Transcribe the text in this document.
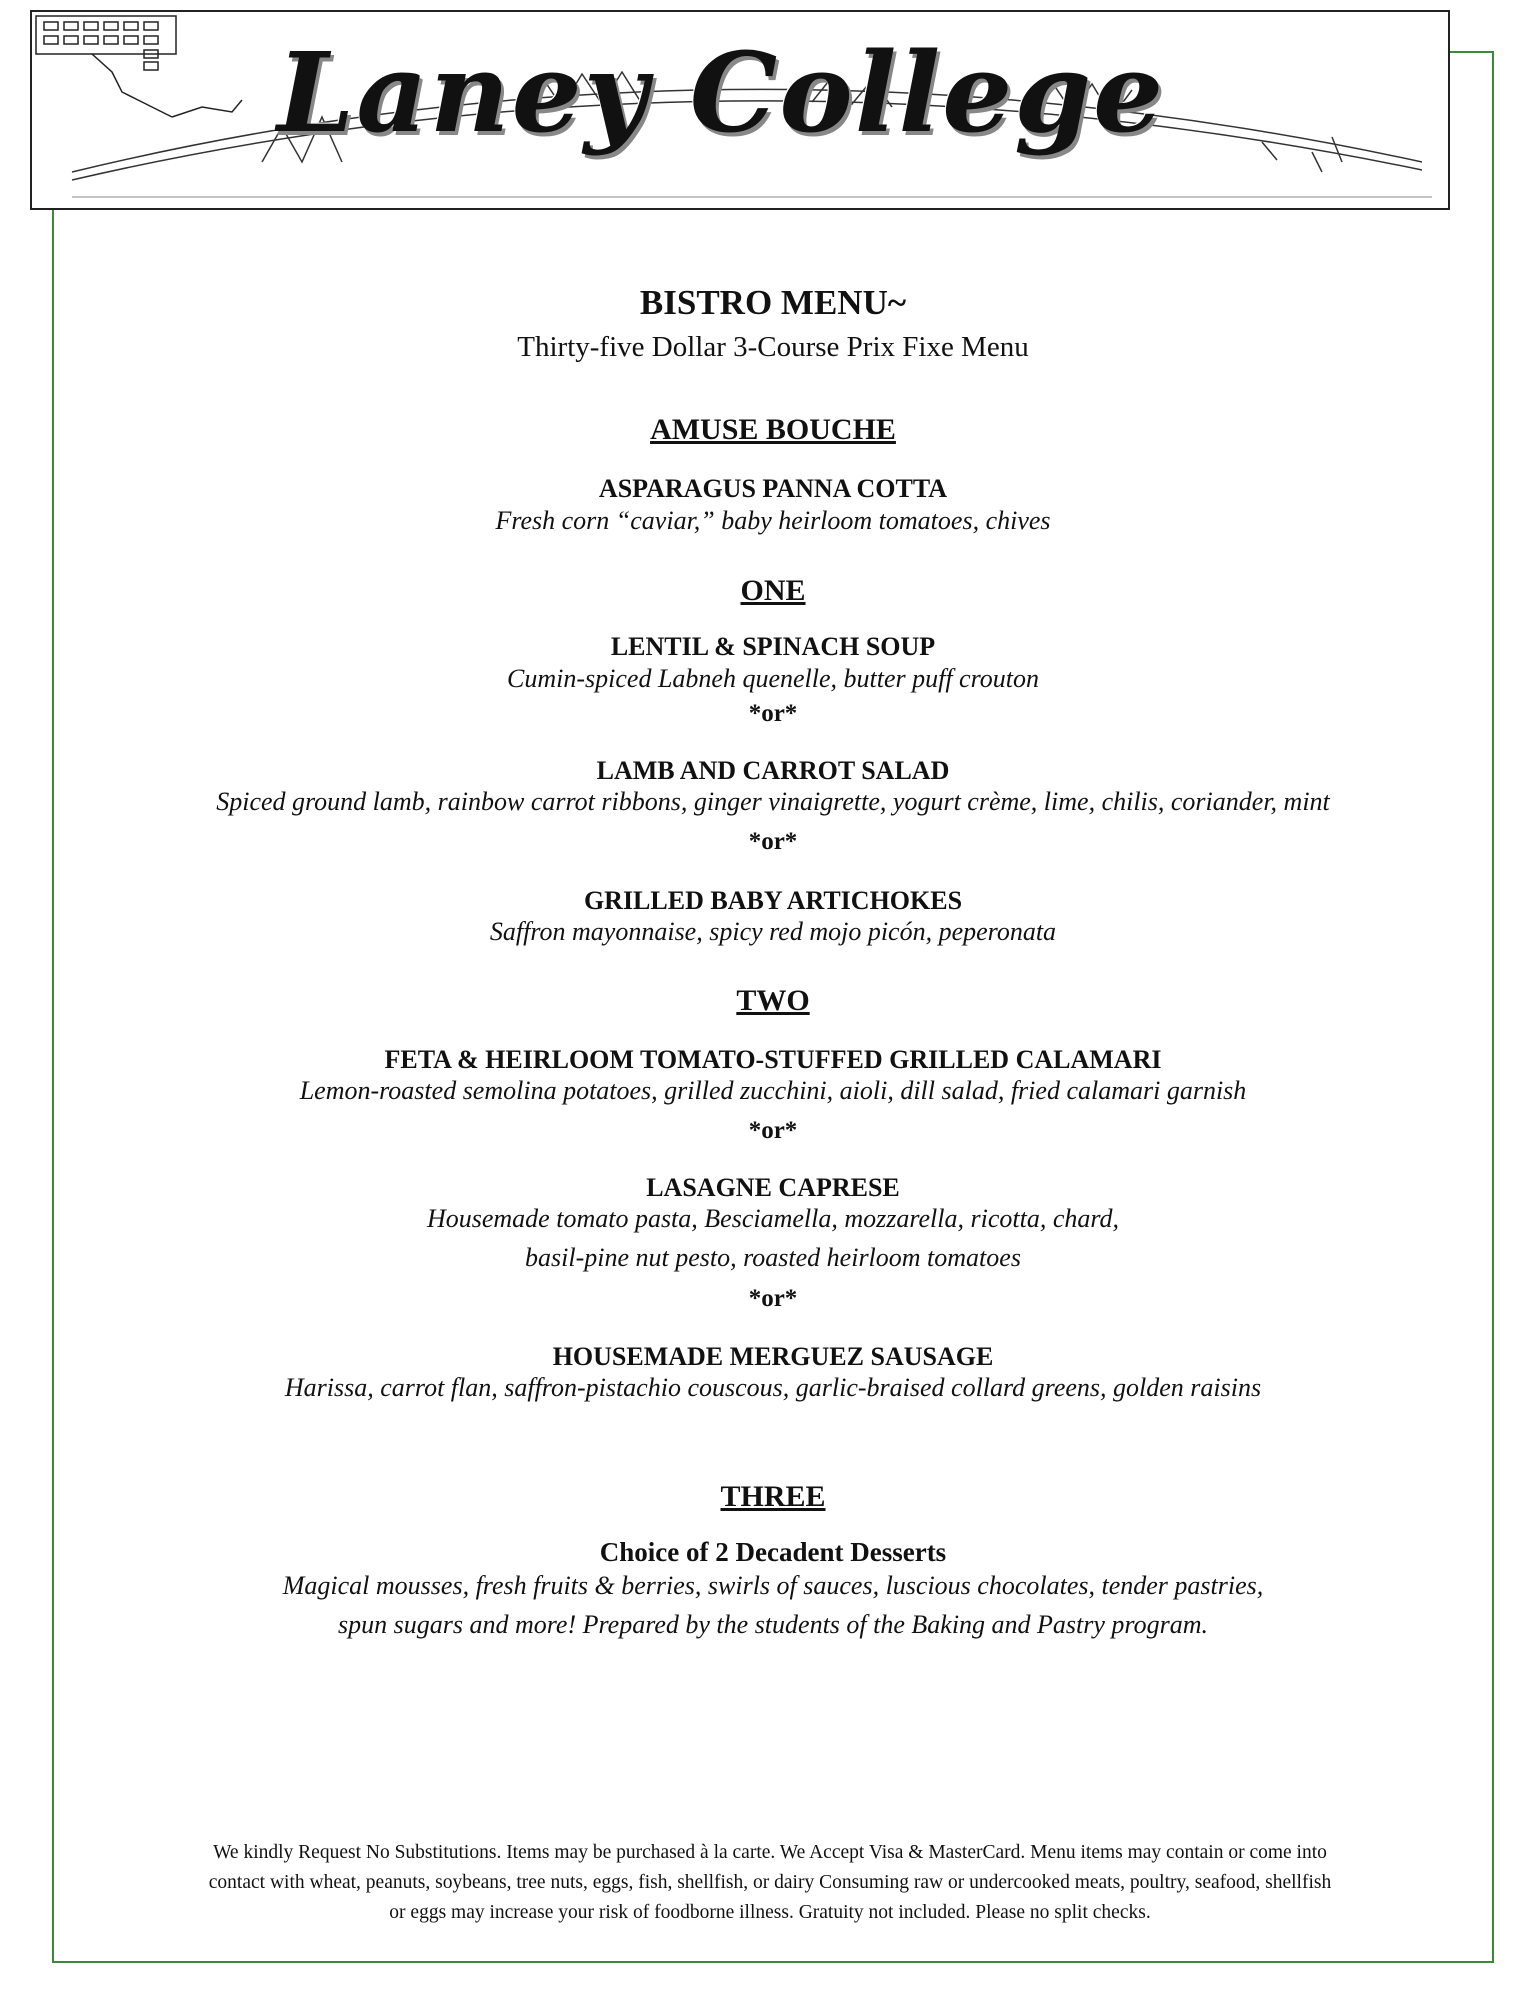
Laney College
BISTRO MENU~
Thirty-five Dollar 3-Course Prix Fixe Menu
AMUSE BOUCHE
ASPARAGUS PANNA COTTA
Fresh corn “caviar,” baby heirloom tomatoes, chives
ONE
LENTIL & SPINACH SOUP
Cumin-spiced Labneh quenelle, butter puff crouton
*or*
LAMB AND CARROT SALAD
Spiced ground lamb, rainbow carrot ribbons, ginger vinaigrette, yogurt crème, lime, chilis, coriander, mint
*or*
GRILLED BABY ARTICHOKES
Saffron mayonnaise, spicy red mojo picón, peperonata
TWO
FETA & HEIRLOOM TOMATO-STUFFED GRILLED CALAMARI
Lemon-roasted semolina potatoes, grilled zucchini, aioli, dill salad, fried calamari garnish
*or*
LASAGNE CAPRESE
Housemade tomato pasta, Besciamella, mozzarella, ricotta, chard,
basil-pine nut pesto, roasted heirloom tomatoes
*or*
HOUSEMADE MERGUEZ SAUSAGE
Harissa, carrot flan, saffron-pistachio couscous, garlic-braised collard greens, golden raisins
THREE
Choice of 2 Decadent Desserts
Magical mousses, fresh fruits & berries, swirls of sauces, luscious chocolates, tender pastries,
spun sugars and more! Prepared by the students of the Baking and Pastry program.
We kindly Request No Substitutions. Items may be purchased à la carte. We Accept Visa & MasterCard. Menu items may contain or come into
contact with wheat, peanuts, soybeans, tree nuts, eggs, fish, shellfish, or dairy Consuming raw or undercooked meats, poultry, seafood, shellfish
or eggs may increase your risk of foodborne illness. Gratuity not included. Please no split checks.
